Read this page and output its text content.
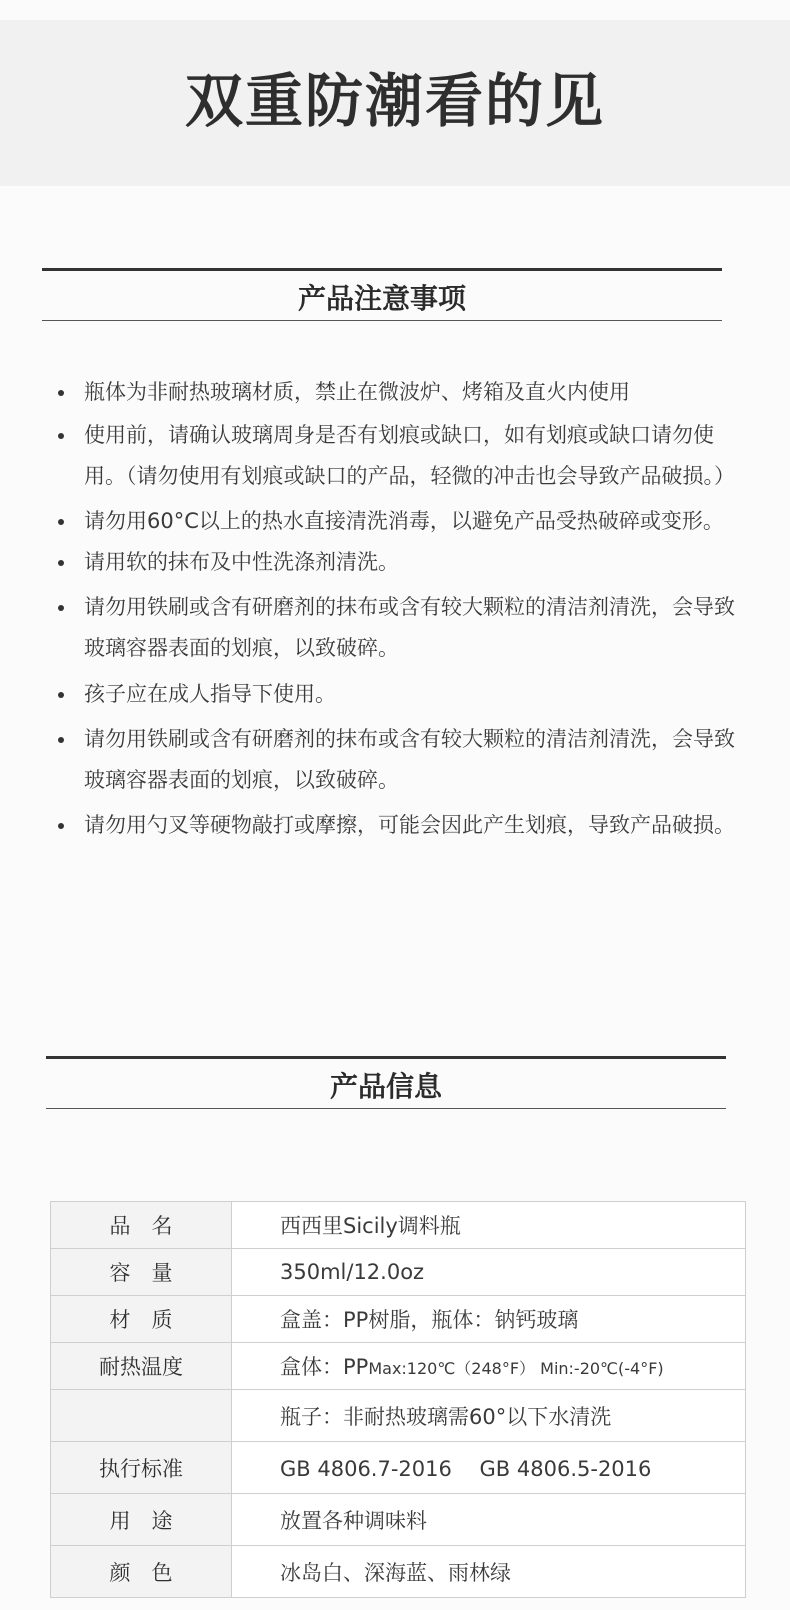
双重防潮看的见
产品注意事项
瓶体为非耐热玻璃材质，禁止在微波炉、烤箱及直火内使用
使用前，请确认玻璃周身是否有划痕或缺口，如有划痕或缺口请勿使用。（请勿使用有划痕或缺口的产品，轻微的冲击也会导致产品破损。）
请勿用60°C以上的热水直接清洗消毒，以避免产品受热破碎或变形。
请用软的抹布及中性洗涤剂清洗。
请勿用铁刷或含有研磨剂的抹布或含有较大颗粒的清洁剂清洗，会导致玻璃容器表面的划痕，以致破碎。
孩子应在成人指导下使用。
请勿用铁刷或含有研磨剂的抹布或含有较大颗粒的清洁剂清洗，会导致玻璃容器表面的划痕，以致破碎。
请勿用勺叉等硬物敲打或摩擦，可能会因此产生划痕，导致产品破损。
产品信息
品　名	西西里Sicily调料瓶
容　量	350ml/12.0oz
材　质	盒盖：PP树脂，瓶体：钠钙玻璃
耐热温度	盒体：PPMax:120℃（248°F） Min:-20℃(-4°F)
	瓶子：非耐热玻璃需60°以下水清洗
执行标准	GB 4806.7-2016　 GB 4806.5-2016
用　途	放置各种调味料
颜　色	冰岛白、深海蓝、雨林绿
